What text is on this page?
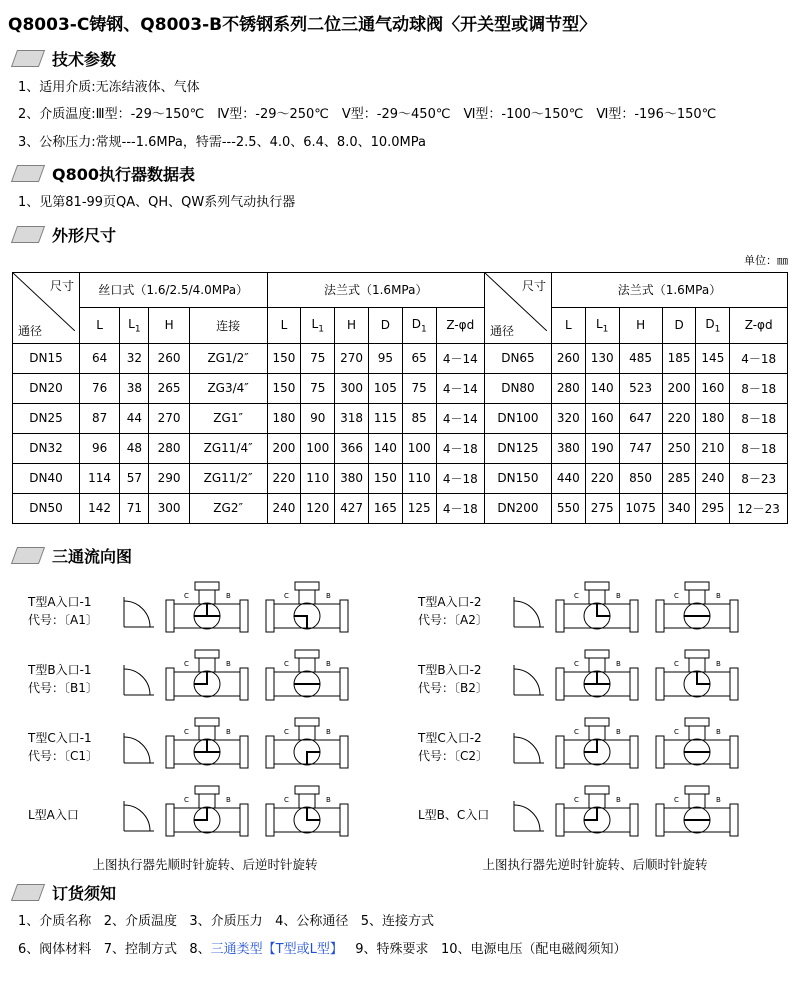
Q8003-C铸钢、Q8003-B不锈钢系列二位三通气动球阀〈开关型或调节型〉
技术参数
1、适用介质:无冻结液体、气体
2、介质温度:Ⅲ型：-29～150℃　Ⅳ型：-29～250℃　Ⅴ型：-29～450℃　Ⅵ型：-100～150℃　Ⅵ型：-196～150℃
3、公称压力:常规---1.6MPa，特需---2.5、4.0、6.4、8.0、10.0MPa
Q800执行器数据表
1、见第81-99页QA、QH、QW系列气动执行器
外形尺寸
单位：㎜
尺寸
通径	丝口式（1.6/2.5/4.0MPa）				法兰式（1.6MPa）						尺寸
通径	法兰式（1.6MPa）					
	L	$L_1$	H	连接	L	$L_1$	H	D	$D_1$	Z-φd		L	$L_1$	H	D	$D_1$	Z-φd
DN15	64	32	260	ZG1/2″	150	75	270	95	65	4－14	DN65	260	130	485	185	145	4－18
DN20	76	38	265	ZG3/4″	150	75	300	105	75	4－14	DN80	280	140	523	200	160	8－18
DN25	87	44	270	ZG1″	180	90	318	115	85	4－14	DN100	320	160	647	220	180	8－18
DN32	96	48	280	ZG11/4″	200	100	366	140	100	4－18	DN125	380	190	747	250	210	8－18
DN40	114	57	290	ZG11/2″	220	110	380	150	110	4－18	DN150	440	220	850	285	240	8－23
DN50	142	71	300	ZG2″	240	120	427	165	125	4－18	DN200	550	275	1075	340	295	12－23
三通流向图
T型A入口-1
代号：〔A1〕
C	B	C	B	T型A入口-2
代号：〔A2〕
C	B	C	B
T型B入口-1
代号：〔B1〕
C	B	C	B	T型B入口-2
代号：〔B2〕
C	B	C	B
T型C入口-1
代号：〔C1〕
C	B	C	B	T型C入口-2
代号：〔C2〕
C	B	C	B
L型A入口
C	B	C	B
L型B、C入口
C	B	C	B
上图执行器先顺时针旋转、后逆时针旋转	上图执行器先逆时针旋转、后顺时针旋转
订货须知
1、介质名称 2、介质温度 3、介质压力 4、公称通径 5、连接方式
6、阀体材料 7、控制方式 8、三通类型【T型或L型】 9、特殊要求 10、电源电压（配电磁阀须知）
